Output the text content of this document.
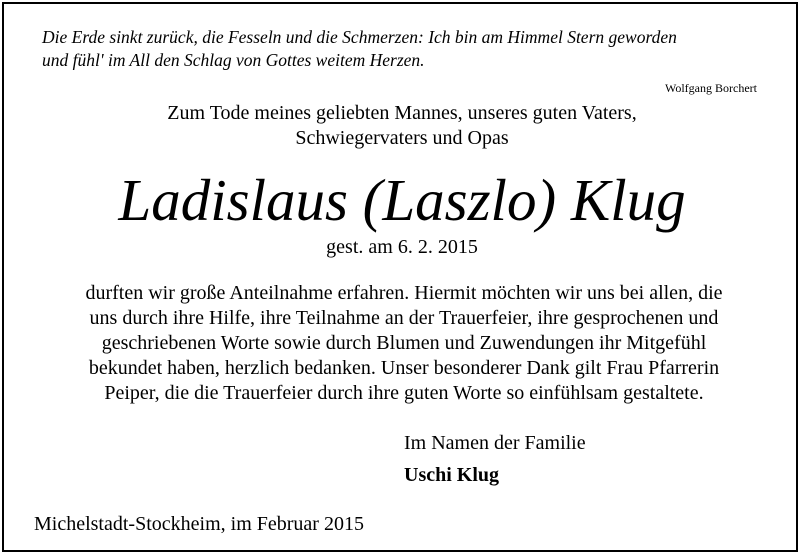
Die Erde sinkt zurück, die Fesseln und die Schmerzen: Ich bin am Himmel Stern geworden
und fühl' im All den Schlag von Gottes weitem Herzen.
Wolfgang Borchert
Zum Tode meines geliebten Mannes, unseres guten Vaters,
Schwiegervaters und Opas
Ladislaus (Laszlo) Klug
gest. am 6. 2. 2015
durften wir große Anteilnahme erfahren. Hiermit möchten wir uns bei allen, die
uns durch ihre Hilfe, ihre Teilnahme an der Trauerfeier, ihre gesprochenen und
geschriebenen Worte sowie durch Blumen und Zuwendungen ihr Mitgefühl
bekundet haben, herzlich bedanken. Unser besonderer Dank gilt Frau Pfarrerin
Peiper, die die Trauerfeier durch ihre guten Worte so einfühlsam gestaltete.
Im Namen der Familie
Uschi Klug
Michelstadt-Stockheim, im Februar 2015
